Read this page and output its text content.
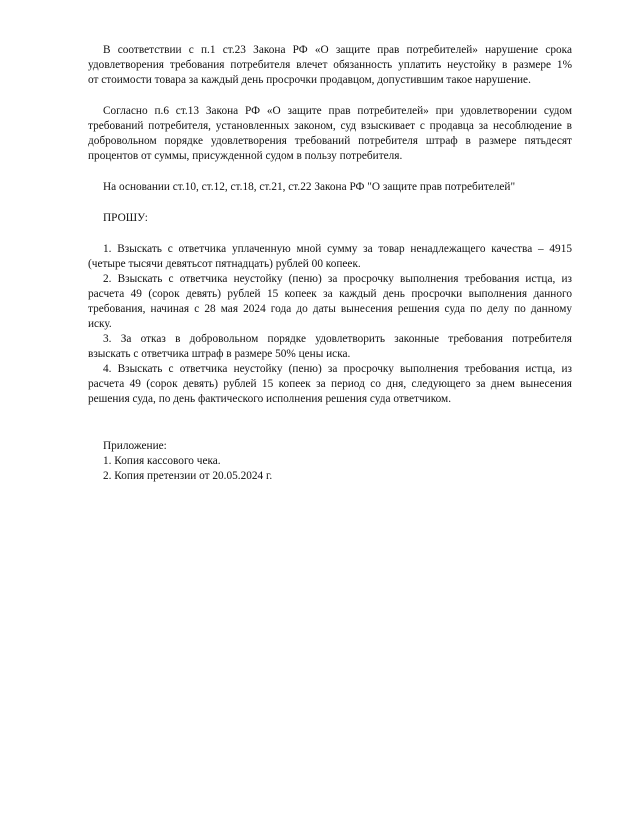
В соответствии с п.1 ст.23 Закона РФ «О защите прав потребителей» нарушение срока
удовлетворения требования потребителя влечет обязанность уплатить неустойку в размере 1%
от стоимости товара за каждый день просрочки продавцом, допустившим такое нарушение.

Согласно п.6 ст.13 Закона РФ «О защите прав потребителей» при удовлетворении судом
требований потребителя, установленных законом, суд взыскивает с продавца за несоблюдение в
добровольном порядке удовлетворения требований потребителя штраф в размере пятьдесят
процентов от суммы, присужденной судом в пользу потребителя.

На основании ст.10, ст.12, ст.18, ст.21, ст.22 Закона РФ "О защите прав потребителей"

ПРОШУ:

1. Взыскать с ответчика уплаченную мной сумму за товар ненадлежащего качества – 4915
(четыре тысячи девятьсот пятнадцать) рублей 00 копеек.

2. Взыскать с ответчика неустойку (пеню) за просрочку выполнения требования истца, из
расчета 49 (сорок девять) рублей 15 копеек за каждый день просрочки выполнения данного
требования, начиная с 28 мая 2024 года до даты вынесения решения суда по делу по данному
иску.

3. За отказ в добровольном порядке удовлетворить законные требования потребителя
взыскать с ответчика штраф в размере 50% цены иска.

4. Взыскать с ответчика неустойку (пеню) за просрочку выполнения требования истца, из
расчета 49 (сорок девять) рублей 15 копеек за период со дня, следующего за днем вынесения
решения суда, по день фактического исполнения решения суда ответчиком.

Приложение:

1. Копия кассового чека.

2. Копия претензии от 20.05.2024 г.
